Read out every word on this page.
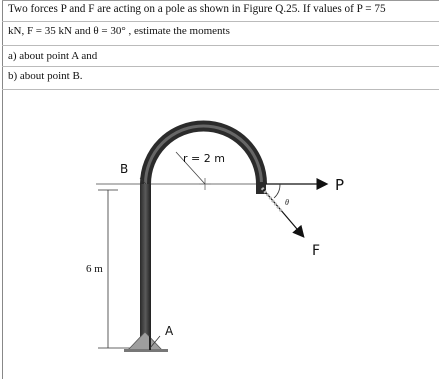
Two forces P and F are acting on a pole as shown in Figure Q.25. If values of P = 75
kN, F = 35 kN and θ = 30° , estimate the moments
a) about point A and
b) about point B.
B
r = 2 m
P
θ
F
6 m
A
